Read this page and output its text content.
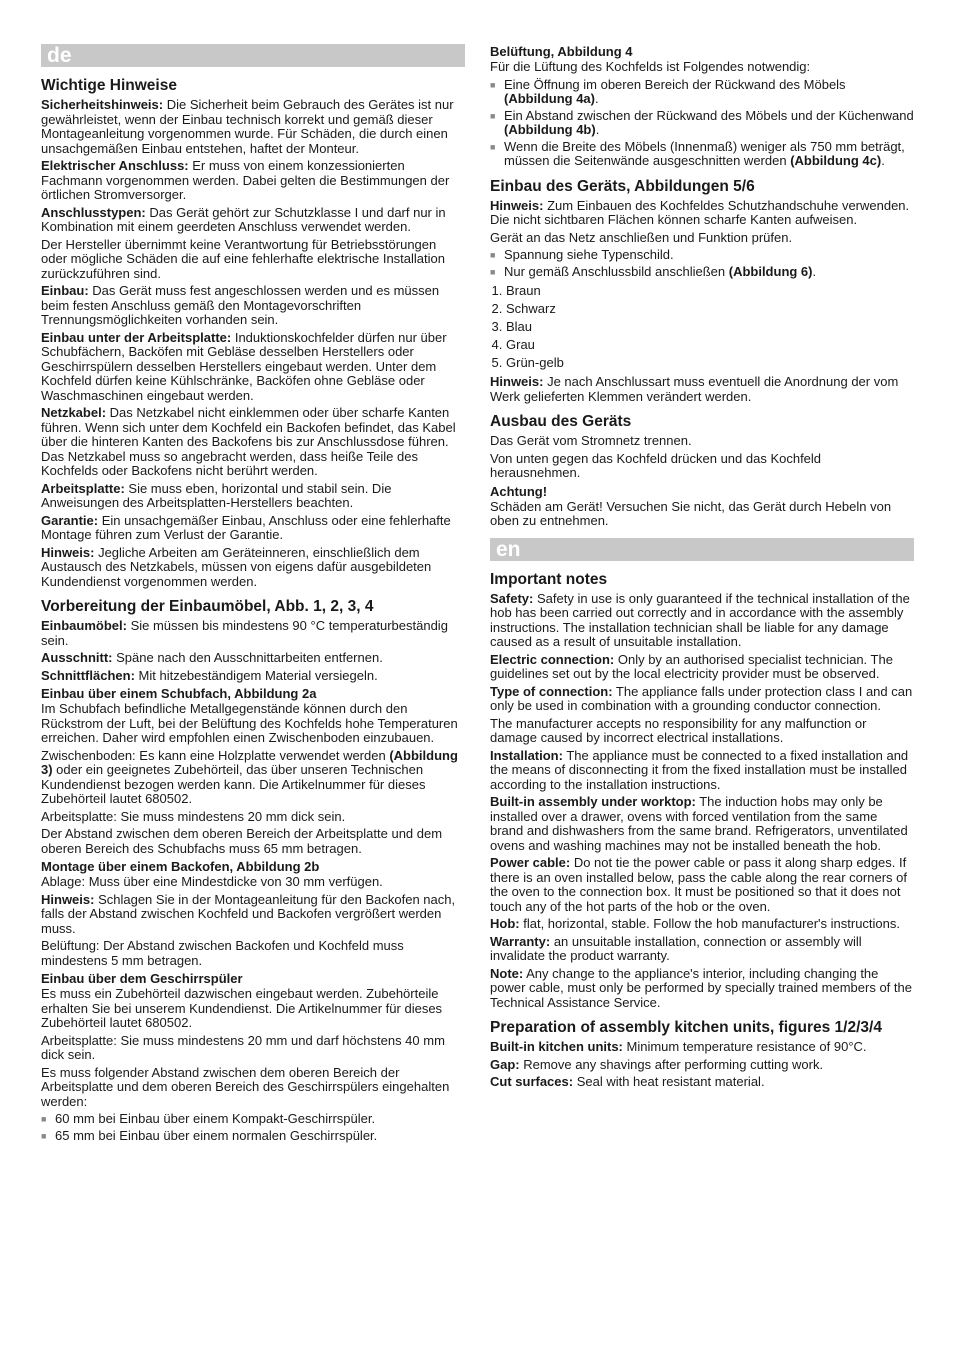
de
Wichtige Hinweise

Sicherheitshinweis: Die Sicherheit beim Gebrauch des Gerätes ist nur gewährleistet, wenn der Einbau technisch korrekt und gemäß dieser Montageanleitung vorgenommen wurde. Für Schäden, die durch einen unsachgemäßen Einbau entstehen, haftet der Monteur.

Elektrischer Anschluss: Er muss von einem konzessionierten Fachmann vorgenommen werden. Dabei gelten die Bestimmungen der örtlichen Stromversorger.

Anschlusstypen: Das Gerät gehört zur Schutzklasse I und darf nur in Kombination mit einem geerdeten Anschluss verwendet werden.

Der Hersteller übernimmt keine Verantwortung für Betriebsstörungen oder mögliche Schäden die auf eine fehlerhafte elektrische Installation zurückzuführen sind.

Einbau: Das Gerät muss fest angeschlossen werden und es müssen beim festen Anschluss gemäß den Montagevorschriften Trennungsmöglichkeiten vorhanden sein.

Einbau unter der Arbeitsplatte: Induktionskochfelder dürfen nur über Schubfächern, Backöfen mit Gebläse desselben Herstellers oder Geschirrspülern desselben Herstellers eingebaut werden. Unter dem Kochfeld dürfen keine Kühlschränke, Backöfen ohne Gebläse oder Waschmaschinen eingebaut werden.

Netzkabel: Das Netzkabel nicht einklemmen oder über scharfe Kanten führen. Wenn sich unter dem Kochfeld ein Backofen befindet, das Kabel über die hinteren Kanten des Backofens bis zur Anschlussdose führen. Das Netzkabel muss so angebracht werden, dass heiße Teile des Kochfelds oder Backofens nicht berührt werden.

Arbeitsplatte: Sie muss eben, horizontal und stabil sein. Die Anweisungen des Arbeitsplatten-Herstellers beachten.

Garantie: Ein unsachgemäßer Einbau, Anschluss oder eine fehlerhafte Montage führen zum Verlust der Garantie.

Hinweis: Jegliche Arbeiten am Geräteinneren, einschließlich dem Austausch des Netzkabels, müssen von eigens dafür ausgebildeten Kundendienst vorgenommen werden.

Vorbereitung der Einbaumöbel, Abb. 1, 2, 3, 4

Einbaumöbel: Sie müssen bis mindestens 90 °C temperaturbeständig sein.

Ausschnitt: Späne nach den Ausschnittarbeiten entfernen.

Schnittflächen: Mit hitzebeständigem Material versiegeln.

Einbau über einem Schubfach, Abbildung 2a

Im Schubfach befindliche Metallgegenstände können durch den Rückstrom der Luft, bei der Belüftung des Kochfelds hohe Temperaturen erreichen. Daher wird empfohlen einen Zwischenboden einzubauen.

Zwischenboden: Es kann eine Holzplatte verwendet werden (Abbildung 3) oder ein geeignetes Zubehörteil, das über unseren Technischen Kundendienst bezogen werden kann. Die Artikelnummer für dieses Zubehörteil lautet 680502.

Arbeitsplatte: Sie muss mindestens 20 mm dick sein.

Der Abstand zwischen dem oberen Bereich der Arbeitsplatte und dem oberen Bereich des Schubfachs muss 65 mm betragen.

Montage über einem Backofen, Abbildung 2b

Ablage: Muss über eine Mindestdicke von 30 mm verfügen.

Hinweis: Schlagen Sie in der Montageanleitung für den Backofen nach, falls der Abstand zwischen Kochfeld und Backofen vergrößert werden muss.

Belüftung: Der Abstand zwischen Backofen und Kochfeld muss mindestens 5 mm betragen.

Einbau über dem Geschirrspüler

Es muss ein Zubehörteil dazwischen eingebaut werden. Zubehörteile erhalten Sie bei unserem Kundendienst. Die Artikelnummer für dieses Zubehörteil lautet 680502.

Arbeitsplatte: Sie muss mindestens 20 mm und darf höchstens 40 mm dick sein.

Es muss folgender Abstand zwischen dem oberen Bereich der Arbeitsplatte und dem oberen Bereich des Geschirrspülers eingehalten werden:

■ 60 mm bei Einbau über einem Kompakt-Geschirrspüler.
■ 65 mm bei Einbau über einem normalen Geschirrspüler.
Belüftung, Abbildung 4

Für die Lüftung des Kochfelds ist Folgendes notwendig:

■ Eine Öffnung im oberen Bereich der Rückwand des Möbels (Abbildung 4a).
■ Ein Abstand zwischen der Rückwand des Möbels und der Küchenwand (Abbildung 4b).
■ Wenn die Breite des Möbels (Innenmaß) weniger als 750 mm beträgt, müssen die Seitenwände ausgeschnitten werden (Abbildung 4c).
Einbau des Geräts, Abbildungen 5/6

Hinweis: Zum Einbauen des Kochfeldes Schutzhandschuhe verwenden. Die nicht sichtbaren Flächen können scharfe Kanten aufweisen.

Gerät an das Netz anschließen und Funktion prüfen.

■ Spannung siehe Typenschild.
■ Nur gemäß Anschlussbild anschließen (Abbildung 6).
1. Braun
2. Schwarz
3. Blau
4. Grau
5. Grün-gelb

Hinweis: Je nach Anschlussart muss eventuell die Anordnung der vom Werk gelieferten Klemmen verändert werden.

Ausbau des Geräts

Das Gerät vom Stromnetz trennen.

Von unten gegen das Kochfeld drücken und das Kochfeld herausnehmen.

Achtung!

Schäden am Gerät! Versuchen Sie nicht, das Gerät durch Hebeln von oben zu entnehmen.

en
Important notes

Safety: Safety in use is only guaranteed if the technical installation of the hob has been carried out correctly and in accordance with the assembly instructions. The installation technician shall be liable for any damage caused as a result of unsuitable installation.

Electric connection: Only by an authorised specialist technician. The guidelines set out by the local electricity provider must be observed.

Type of connection: The appliance falls under protection class I and can only be used in combination with a grounding conductor connection.

The manufacturer accepts no responsibility for any malfunction or damage caused by incorrect electrical installations.

Installation: The appliance must be connected to a fixed installation and the means of disconnecting it from the fixed installation must be installed according to the installation instructions.

Built-in assembly under worktop: The induction hobs may only be installed over a drawer, ovens with forced ventilation from the same brand and dishwashers from the same brand. Refrigerators, unventilated ovens and washing machines may not be installed beneath the hob.

Power cable: Do not tie the power cable or pass it along sharp edges. If there is an oven installed below, pass the cable along the rear corners of the oven to the connection box. It must be positioned so that it does not touch any of the hot parts of the hob or the oven.

Hob: flat, horizontal, stable. Follow the hob manufacturer's instructions.

Warranty: an unsuitable installation, connection or assembly will invalidate the product warranty.

Note: Any change to the appliance's interior, including changing the power cable, must only be performed by specially trained members of the Technical Assistance Service.

Preparation of assembly kitchen units, figures 1/2/3/4

Built-in kitchen units: Minimum temperature resistance of 90°C.

Gap: Remove any shavings after performing cutting work.

Cut surfaces: Seal with heat resistant material.
